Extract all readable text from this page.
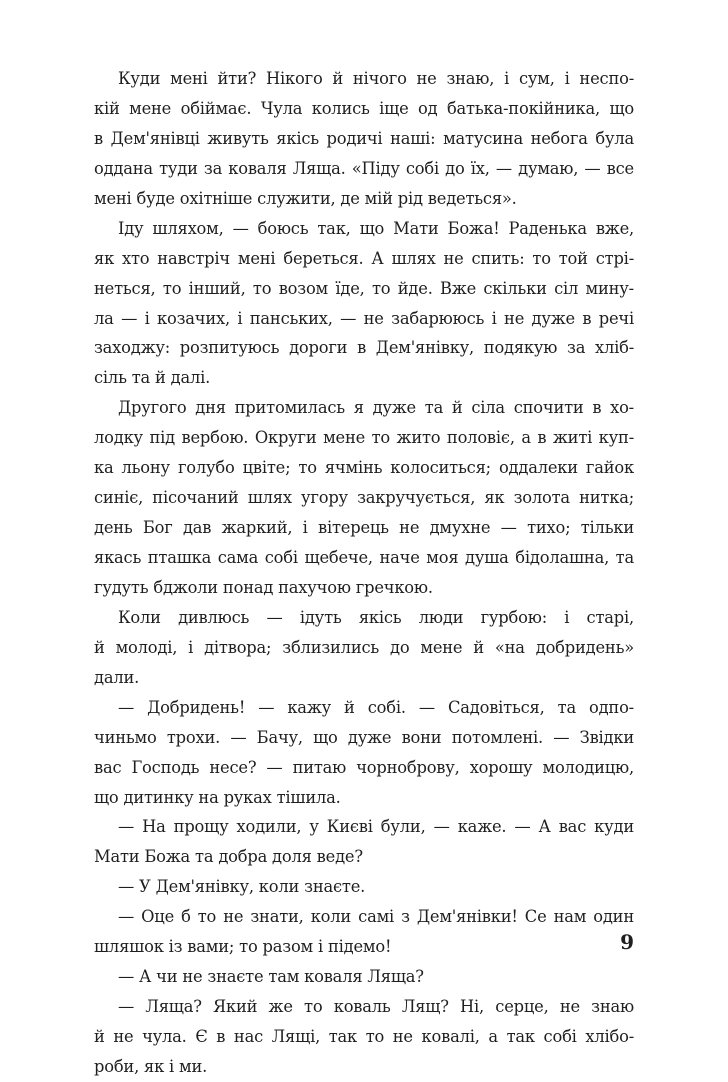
Куди мені йти? Нікого й нічого не знаю, і сум, і неспо-
кій мене обіймає. Чула колись іще од батька-покійника, що
в Дем'янівці живуть якісь родичі наші: матусина небога була
оддана туди за коваля Ляща. «Піду собі до їх, — думаю, — все
мені буде охітніше служити, де мій рід ведеться».
Іду шляхом, — боюсь так, що Мати Божа! Раденька вже,
як хто навстріч мені береться. А шлях не спить: то той стрі-
неться, то інший, то возом їде, то йде. Вже скільки сіл мину-
ла — і козачих, і панських, — не забарююсь і не дуже в речі
заходжу: розпитуюсь дороги в Дем'янівку, подякую за хліб-
сіль та й далі.
Другого дня притомилась я дуже та й сіла спочити в хо-
лодку під вербою. Округи мене то жито половіє, а в житі куп-
ка льону голубо цвіте; то ячмінь колоситься; оддалеки гайок
синіє, пісочаний шлях угору закручується, як золота нитка;
день Бог дав жаркий, і вітерець не дмухне — тихо; тільки
якась пташка сама собі щебече, наче моя душа бідолашна, та
гудуть бджоли понад пахучою гречкою.
Коли дивлюсь — ідуть якісь люди гурбою: і старі,
й молоді, і дітвора; зблизились до мене й «на добридень»
дали.
— Добридень! — кажу й собі. — Садовіться, та одпо-
чиньмо трохи. — Бачу, що дуже вони потомлені. — Звідки
вас Господь несе? — питаю чорноброву, хорошу молодицю,
що дитинку на руках тішила.
— На прощу ходили, у Києві були, — каже. — А вас куди
Мати Божа та добра доля веде?
— У Дем'янівку, коли знаєте.
— Оце б то не знати, коли самі з Дем'янівки! Се нам один
шляшок із вами; то разом і підемо!
— А чи не знаєте там коваля Ляща?
— Ляща? Який же то коваль Лящ? Ні, серце, не знаю
й не чула. Є в нас Лящі, так то не ковалі, а так собі хлібо-
роби, як і ми.
9
